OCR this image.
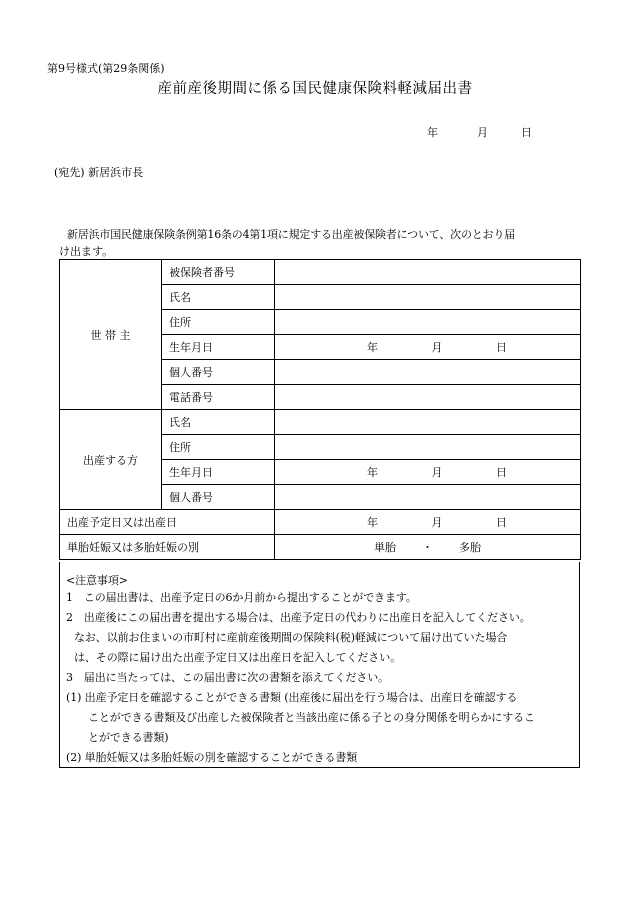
第9号様式(第29条関係)
産前産後期間に係る国民健康保険料軽減届出書
年	月	日
(宛先) 新居浜市長
新居浜市国民健康保険条例第16条の4第1項に規定する出産被保険者について、次のとおり届
け出ます。
世 帯 主	被保険者番号	
	氏名	
	住所	
	生年月日	年 月 日

	個人番号	
	電話番号	
出産する方	氏名	
	住所	
	生年月日	年 月 日

	個人番号	
出産予定日又は出産日		年 月 日

単胎妊娠又は多胎妊娠の別		単胎 ・ 多胎
<注意事項>
1　この届出書は、出産予定日の6か月前から提出することができます。
2　出産後にこの届出書を提出する場合は、出産予定日の代わりに出産日を記入してください。
なお、以前お住まいの市町村に産前産後期間の保険料(税)軽減について届け出ていた場合
は、その際に届け出た出産予定日又は出産日を記入してください。
3　届出に当たっては、この届出書に次の書類を添えてください。
(1) 出産予定日を確認することができる書類 (出産後に届出を行う場合は、出産日を確認する
ことができる書類及び出産した被保険者と当該出産に係る子との身分関係を明らかにするこ
とができる書類)
(2) 単胎妊娠又は多胎妊娠の別を確認することができる書類
